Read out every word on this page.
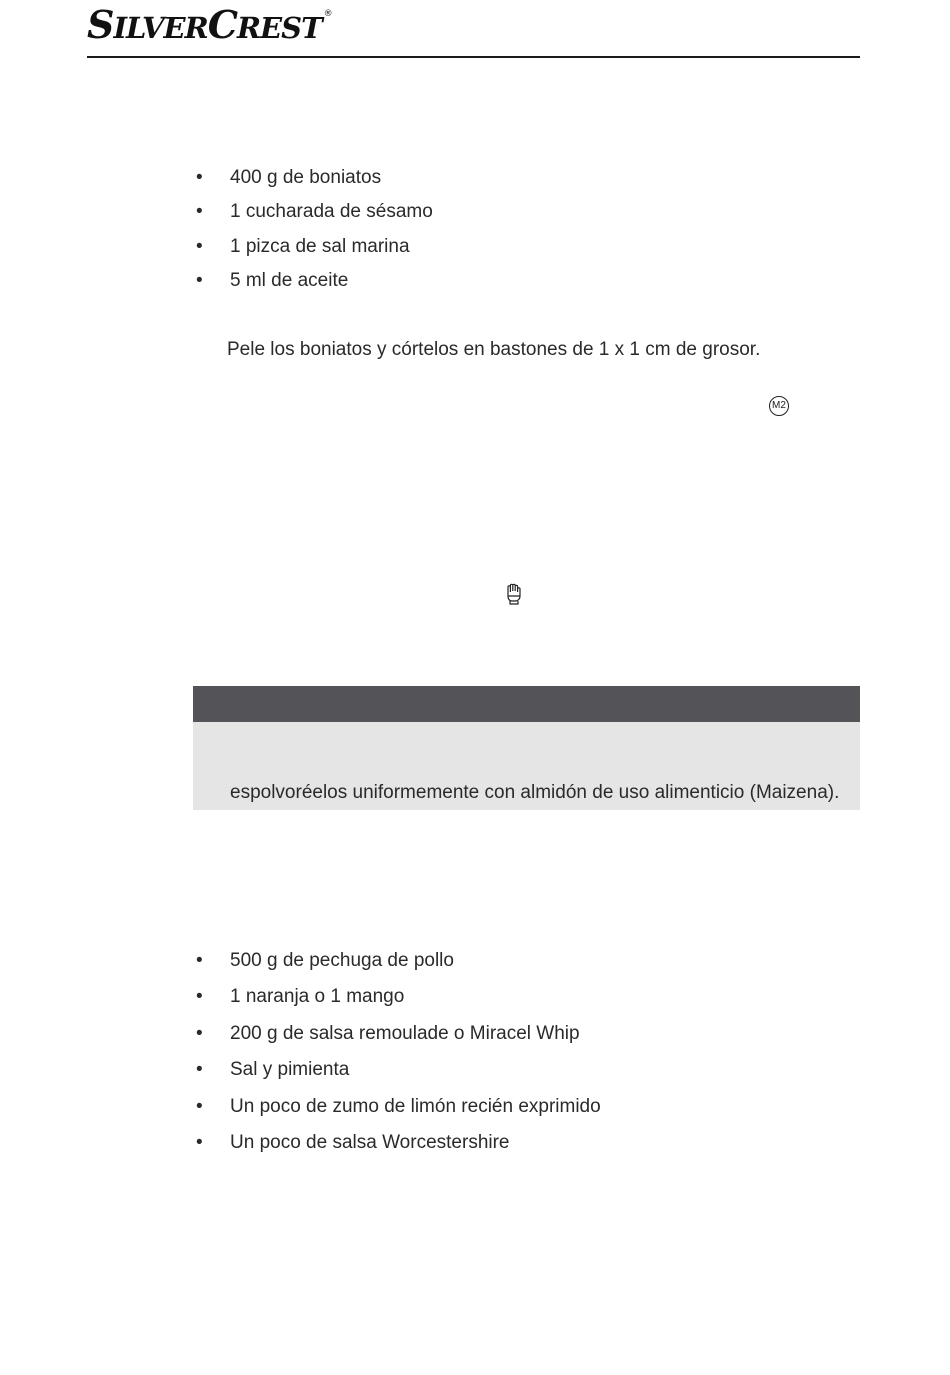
SILVERCREST ®
• 400 g de boniatos
• 1 cucharada de sésamo
• 1 pizca de sal marina
• 5 ml de aceite
Pele los boniatos y córtelos en bastones de 1 x 1 cm de grosor.
M2
espolvoréelos uniformemente con almidón de uso alimenticio (Maizena).
• 500 g de pechuga de pollo
• 1 naranja o 1 mango
• 200 g de salsa remoulade o Miracel Whip
• Sal y pimienta
• Un poco de zumo de limón recién exprimido
• Un poco de salsa Worcestershire
